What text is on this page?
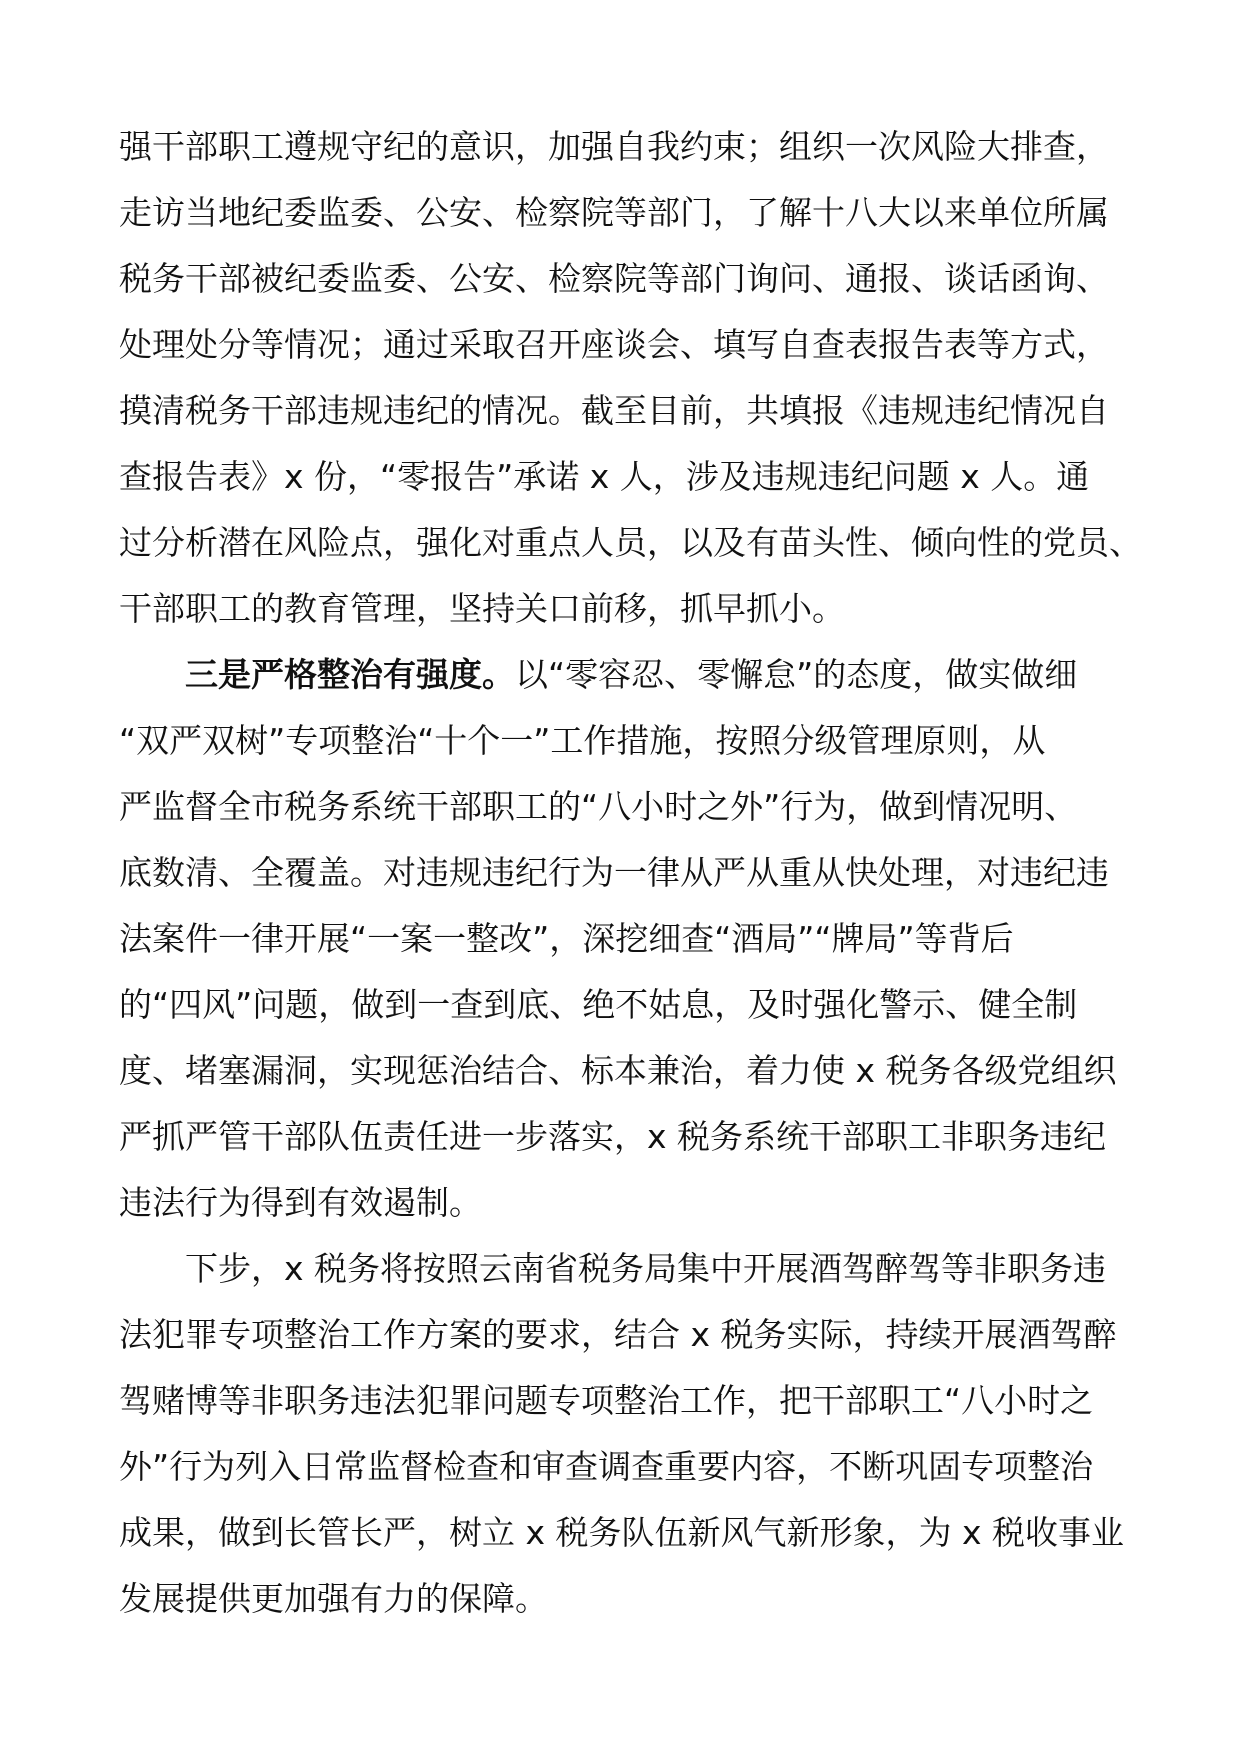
强干部职工遵规守纪的意识，加强自我约束；组织一次风险大排查，
走访当地纪委监委、公安、检察院等部门，了解十八大以来单位所属
税务干部被纪委监委、公安、检察院等部门询问、通报、谈话函询、
处理处分等情况；通过采取召开座谈会、填写自查表报告表等方式，
摸清税务干部违规违纪的情况。截至目前，共填报《违规违纪情况自
查报告表》x 份，“零报告”承诺 x 人，涉及违规违纪问题 x 人。通
过分析潜在风险点，强化对重点人员，以及有苗头性、倾向性的党员、
干部职工的教育管理，坚持关口前移，抓早抓小。
三是严格整治有强度。以“零容忍、零懈怠”的态度，做实做细
“双严双树”专项整治“十个一”工作措施，按照分级管理原则，从
严监督全市税务系统干部职工的“八小时之外”行为，做到情况明、
底数清、全覆盖。对违规违纪行为一律从严从重从快处理，对违纪违
法案件一律开展“一案一整改”，深挖细查“酒局”“牌局”等背后
的“四风”问题，做到一查到底、绝不姑息，及时强化警示、健全制
度、堵塞漏洞，实现惩治结合、标本兼治，着力使 x 税务各级党组织
严抓严管干部队伍责任进一步落实，x 税务系统干部职工非职务违纪
违法行为得到有效遏制。
下步，x 税务将按照云南省税务局集中开展酒驾醉驾等非职务违
法犯罪专项整治工作方案的要求，结合 x 税务实际，持续开展酒驾醉
驾赌博等非职务违法犯罪问题专项整治工作，把干部职工“八小时之
外”行为列入日常监督检查和审查调查重要内容，不断巩固专项整治
成果，做到长管长严，树立 x 税务队伍新风气新形象，为 x 税收事业
发展提供更加强有力的保障。
